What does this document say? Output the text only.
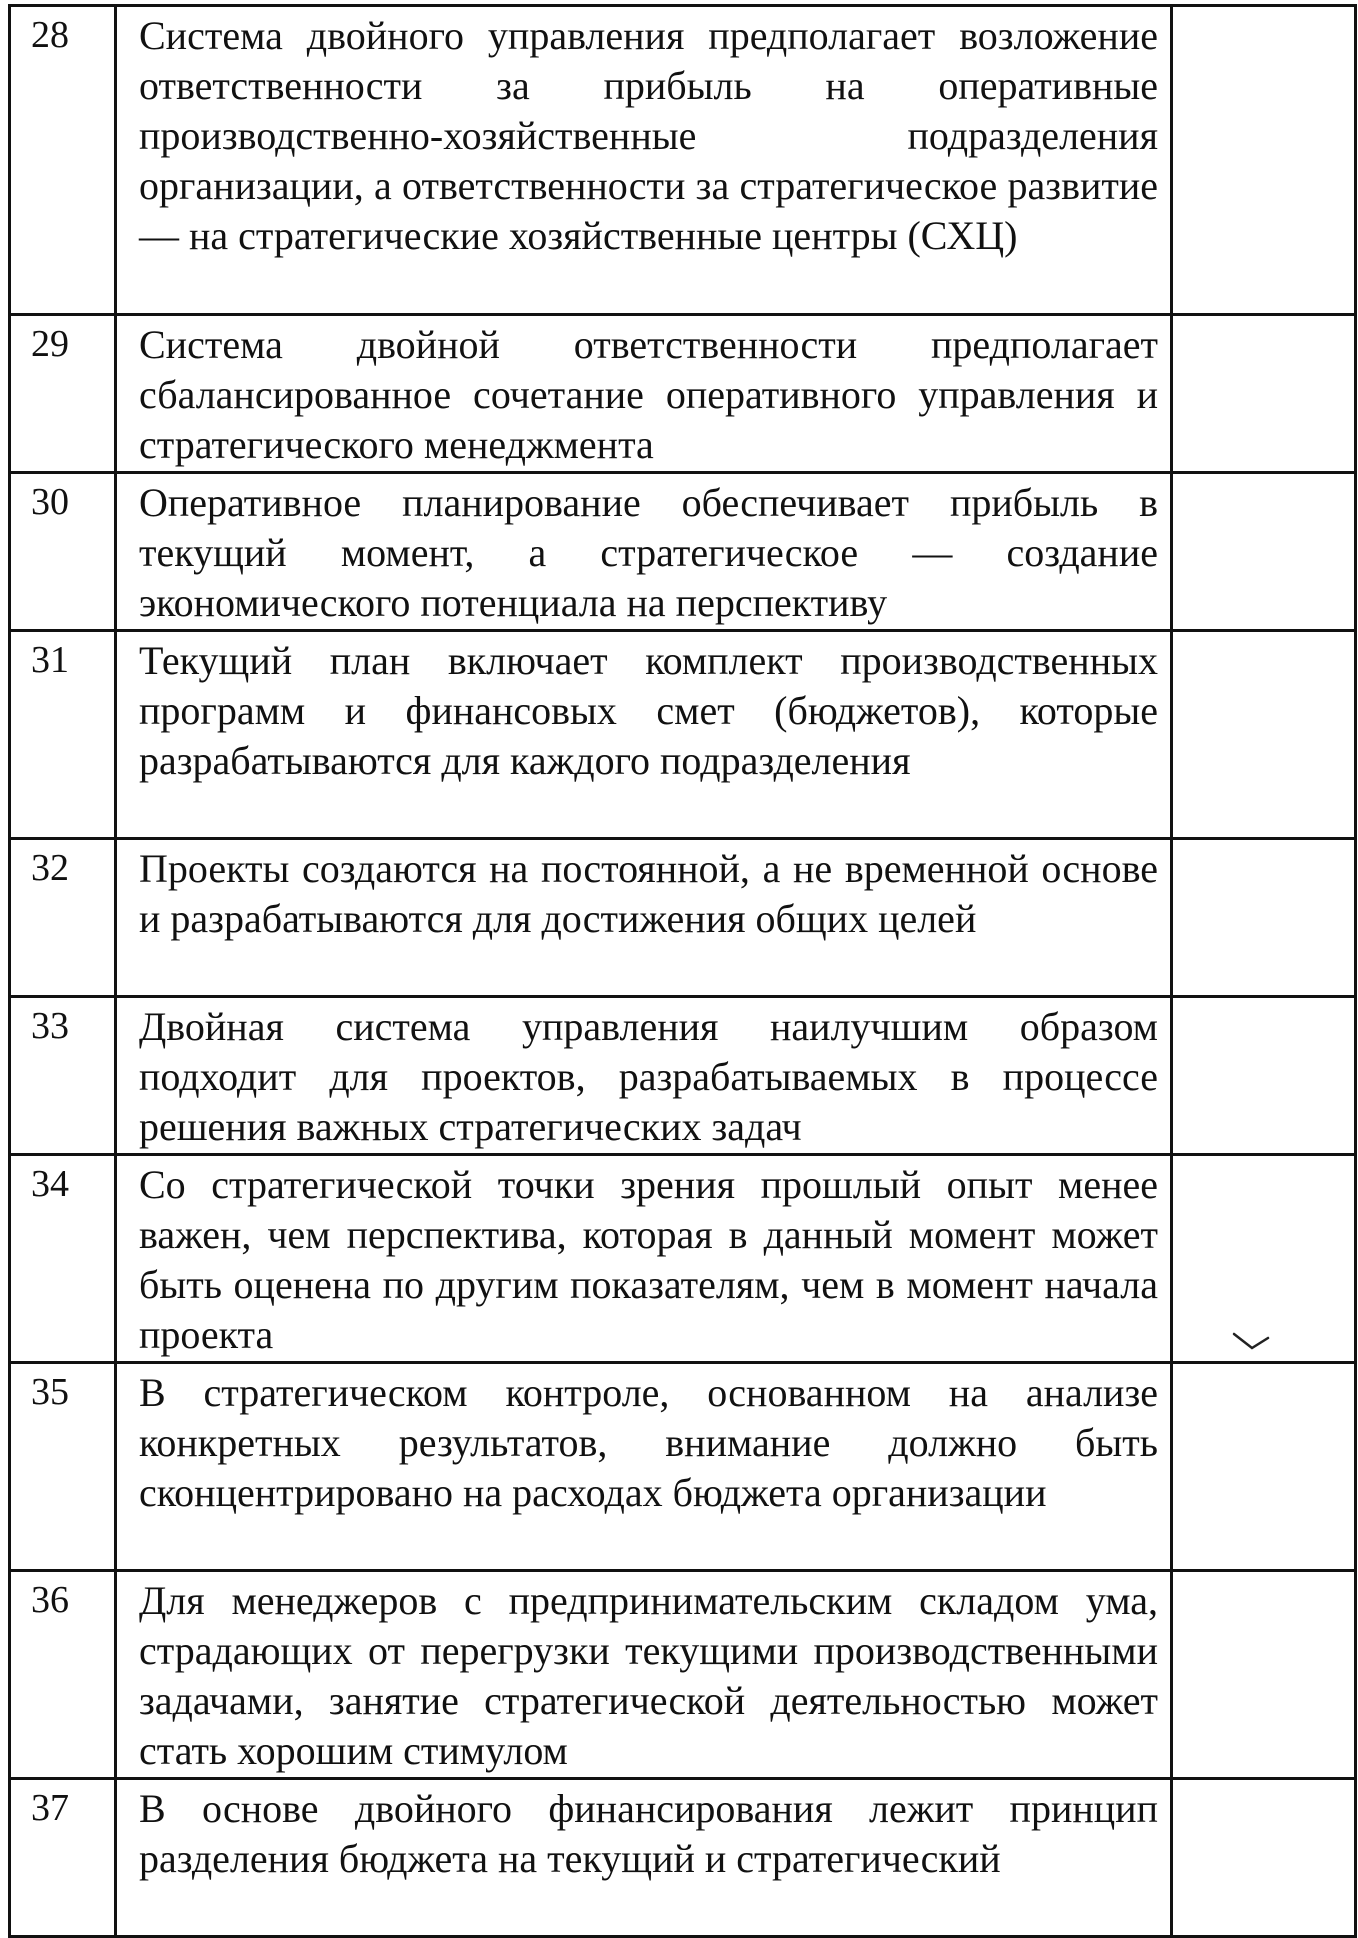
28	Система двойного управления предполагает возложение ответственности за прибыль на оперативные производственно-хозяйственные подразделения организации, а ответственности за стратегическое развитие — на стратегические хозяйственные центры (СХЦ)	
29	Система двойной ответственности предполагает сбалансированное сочетание оперативного управления и стратегического менеджмента	
30	Оперативное планирование обеспечивает прибыль в текущий момент, а стратегическое — создание экономического потенциала на перспективу	
31	Текущий план включает комплект производственных программ и финансовых смет (бюджетов), которые разрабатываются для каждого подразделения	
32	Проекты создаются на постоянной, а не временной основе и разрабатываются для достижения общих целей	
33	Двойная система управления наилучшим образом подходит для проектов, разрабатываемых в процессе решения важных стратегических задач	
34	Со стратегической точки зрения прошлый опыт менее важен, чем перспектива, которая в данный момент может быть оценена по другим показателям, чем в момент начала проекта	
35	В стратегическом контроле, основанном на анализе конкретных результатов, внимание должно быть сконцентрировано на расходах бюджета организации	
36	Для менеджеров с предпринимательским складом ума, страдающих от перегрузки текущими производственными задачами, занятие стратегической деятельностью может стать хорошим стимулом	
37	В основе двойного финансирования лежит принцип разделения бюджета на текущий и стратегический	
